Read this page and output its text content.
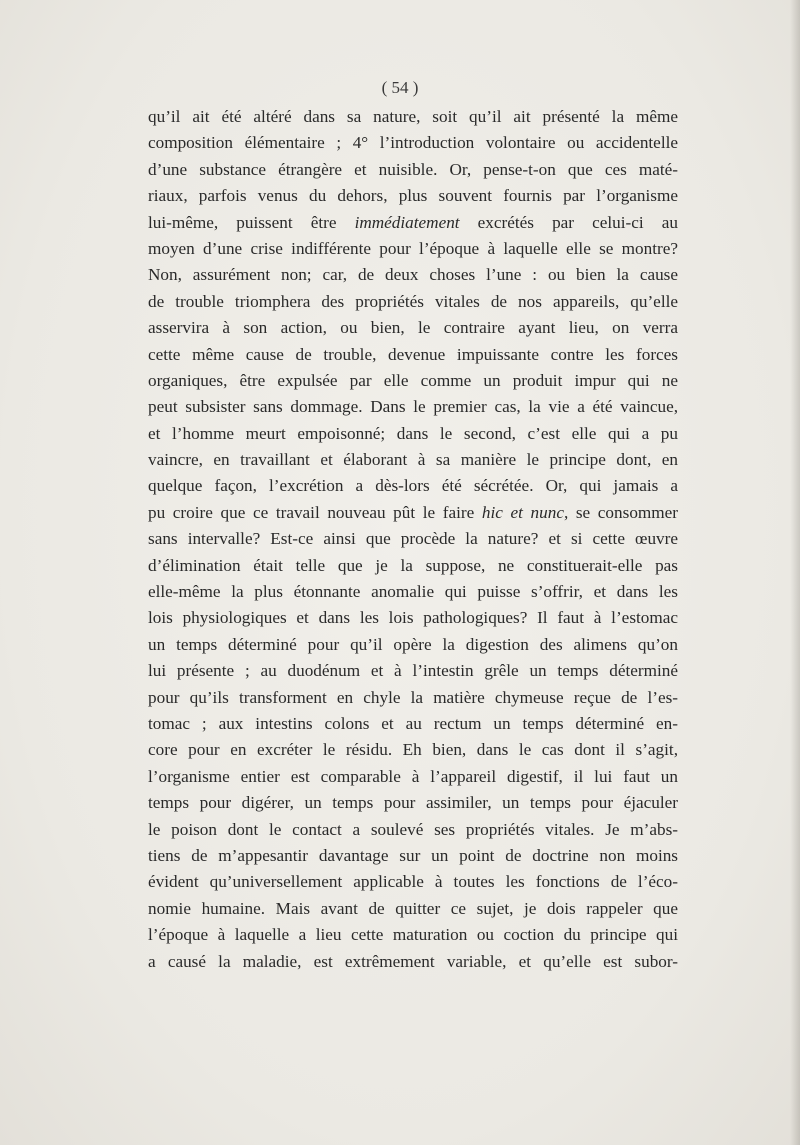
( 54 )
qu’il ait été altéré dans sa nature, soit qu’il ait présenté la même
composition élémentaire ; 4° l’introduction volontaire ou accidentelle
d’une substance étrangère et nuisible. Or, pense-t-on que ces maté-
riaux, parfois venus du dehors, plus souvent fournis par l’organisme
lui-même, puissent être immédiatement excrétés par celui-ci au
moyen d’une crise indifférente pour l’époque à laquelle elle se montre?
Non, assurément non; car, de deux choses l’une : ou bien la cause
de trouble triomphera des propriétés vitales de nos appareils, qu’elle
asservira à son action, ou bien, le contraire ayant lieu, on verra
cette même cause de trouble, devenue impuissante contre les forces
organiques, être expulsée par elle comme un produit impur qui ne
peut subsister sans dommage. Dans le premier cas, la vie a été vaincue,
et l’homme meurt empoisonné; dans le second, c’est elle qui a pu
vaincre, en travaillant et élaborant à sa manière le principe dont, en
quelque façon, l’excrétion a dès-lors été sécrétée. Or, qui jamais a
pu croire que ce travail nouveau pût le faire hic et nunc, se consommer
sans intervalle? Est-ce ainsi que procède la nature? et si cette œuvre
d’élimination était telle que je la suppose, ne constituerait-elle pas
elle-même la plus étonnante anomalie qui puisse s’offrir, et dans les
lois physiologiques et dans les lois pathologiques? Il faut à l’estomac
un temps déterminé pour qu’il opère la digestion des alimens qu’on
lui présente ; au duodénum et à l’intestin grêle un temps déterminé
pour qu’ils transforment en chyle la matière chymeuse reçue de l’es-
tomac ; aux intestins colons et au rectum un temps déterminé en-
core pour en excréter le résidu. Eh bien, dans le cas dont il s’agit,
l’organisme entier est comparable à l’appareil digestif, il lui faut un
temps pour digérer, un temps pour assimiler, un temps pour éjaculer
le poison dont le contact a soulevé ses propriétés vitales. Je m’abs-
tiens de m’appesantir davantage sur un point de doctrine non moins
évident qu’universellement applicable à toutes les fonctions de l’éco-
nomie humaine. Mais avant de quitter ce sujet, je dois rappeler que
l’époque à laquelle a lieu cette maturation ou coction du principe qui
a causé la maladie, est extrêmement variable, et qu’elle est subor-
